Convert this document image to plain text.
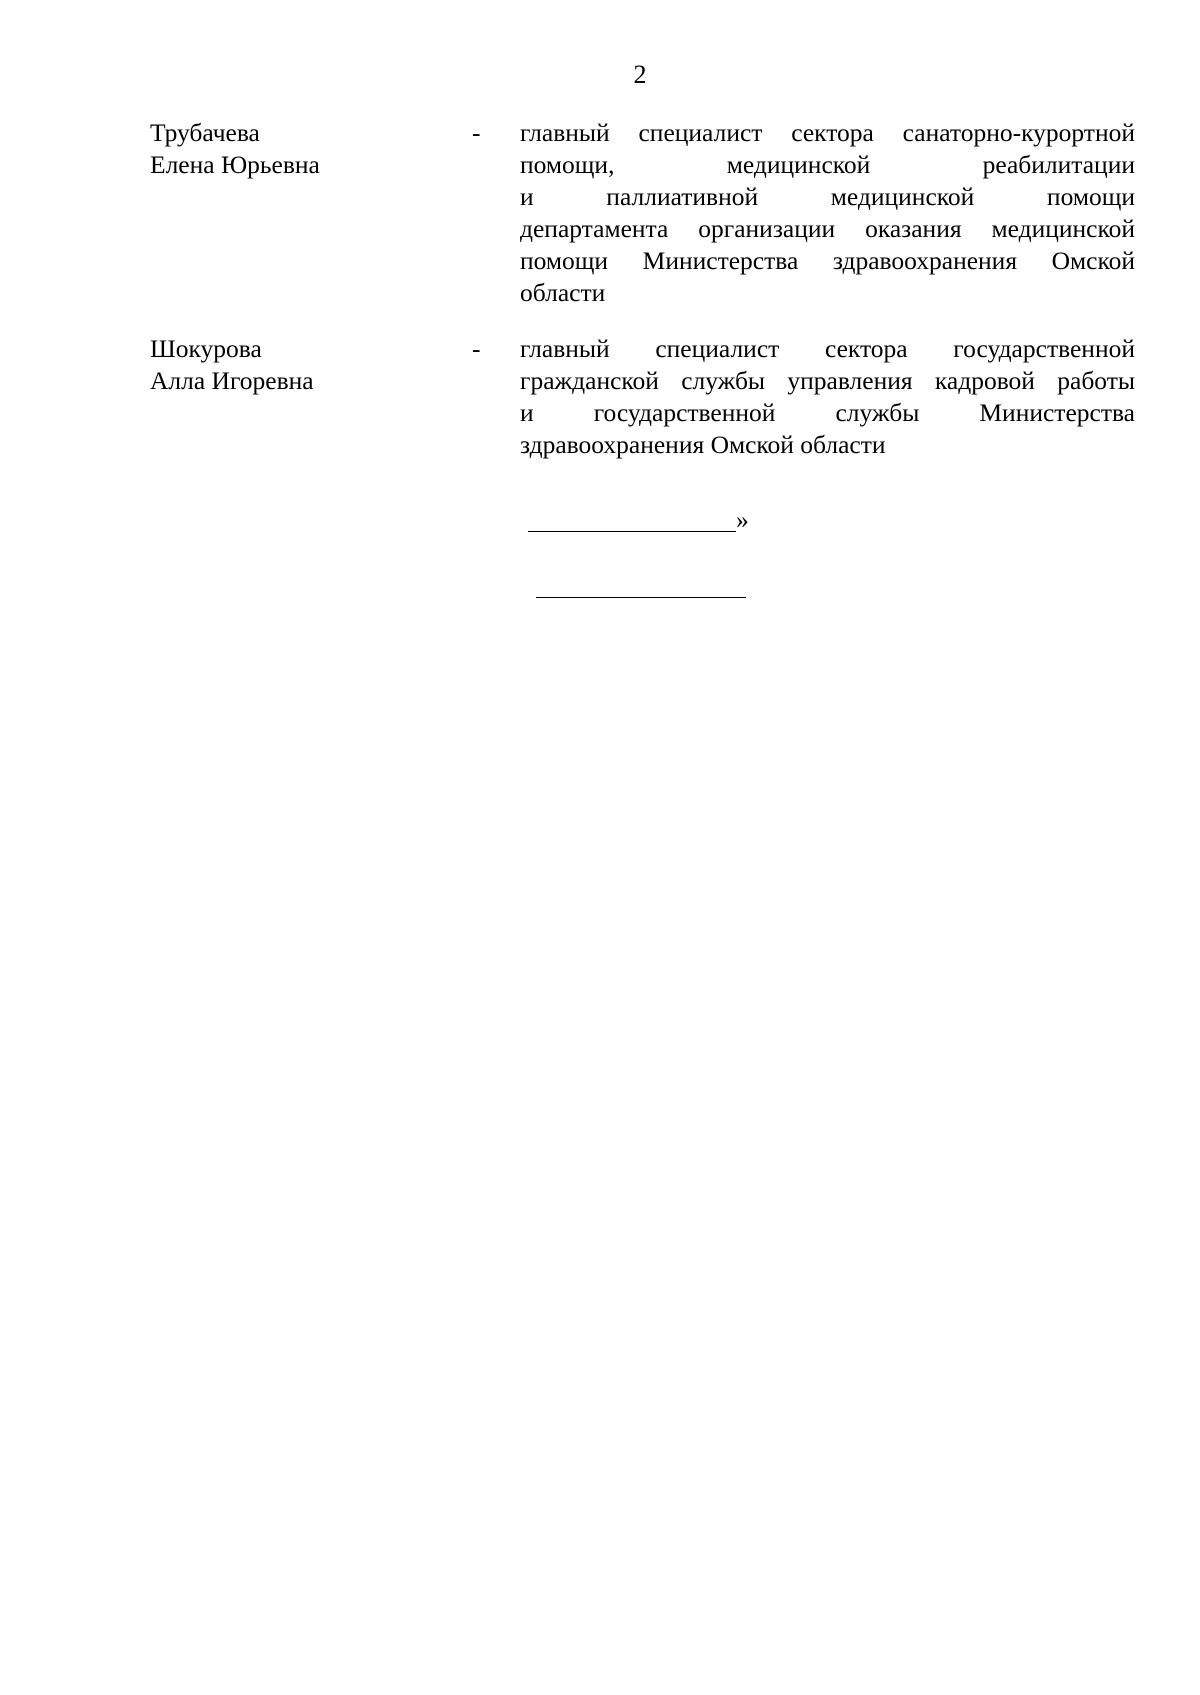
2
Трубачева
Елена Юрьевна
-	главный специалист сектора санаторно-курортной
помощи, медицинской реабилитации
и паллиативной медицинской помощи
департамента организации оказания медицинской
помощи Министерства здравоохранения Омской
области
Шокурова
Алла Игоревна
-	главный специалист сектора государственной
гражданской службы управления кадровой работы
и государственной службы Министерства
здравоохранения Омской области
»
